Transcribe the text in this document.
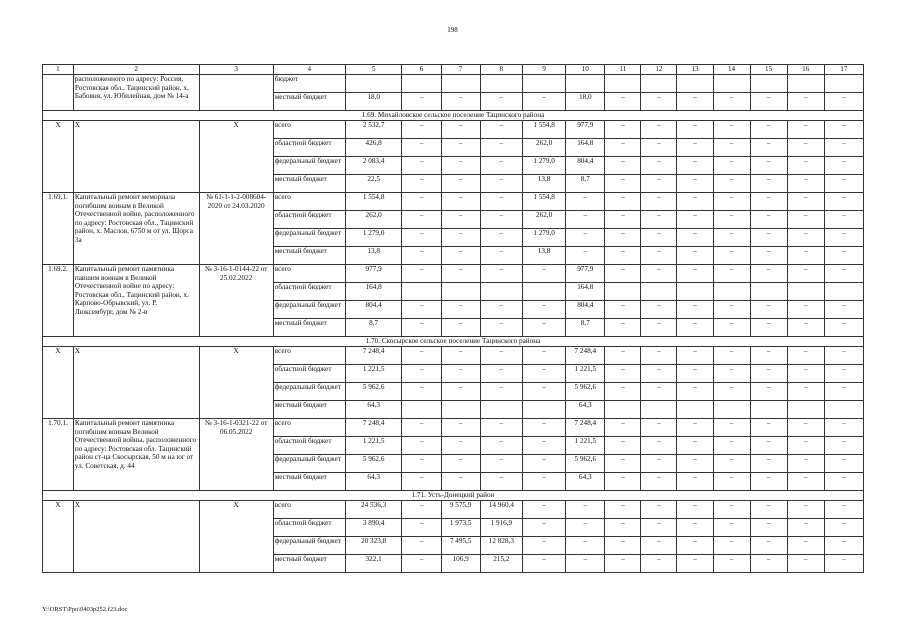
198
1	2	3	4	5	6	7	8	9	10	11	12	13	14	15	16	17
	расположенного по адресу: Россия, Ростовская обл., Тацинский район, х. Бабовня, ул. Юбилейная, дом № 14-а		бюджет													

			местный бюджет	18,0	–	–	–	–	18,0	–	–	–	–	–	–	–
1.69. Михайловское сельское поселение Тацинского района																
Х	Х	Х	всего	2 532,7	–	–	–	1 554,8	977,9	–	–	–	–	–	–	–

			областной бюджет	426,8	–	–	–	262,0	164,8	–	–	–	–	–	–	–

			федеральный бюджет	2 083,4	–	–	–	1 279,0	804,4	–	–	–	–	–	–	–

			местный бюджет	22,5	–	–	–	13,8	8,7	–	–	–	–	–	–	–
1.69.1.	Капитальный ремонт мемориала погибшим воинам в Великой Отечественной войне, расположенного по адресу: Ростовская обл., Тацинский район, х. Маслов, 6750 м от ул. Щорса 3а	№ 61-1-1-2-008604-2020 от 24.03.2020	всего	1 554,8	–	–	–	1 554,8	–	–	–	–	–	–	–	–

			областной бюджет	262,0	–	–	–	262,0	–	–	–	–	–	–	–	–

			федеральный бюджет	1 279,0	–	–	–	1 279,0	–	–	–	–	–	–	–	–

			местный бюджет	13,8	–	–	–	13,8	–	–	–	–	–	–	–	–
1.69.2.	Капитальный ремонт памятника павшим воинам в Великой Отечественной войне по адресу: Ростовская обл., Тацинский район, х. Карпово-Обрывский, ул. Р. Люксембург, дом № 2-в	№ 3-16-1-0144-22 от 25.02.2022	всего	977,9	–	–	–	–	977,9	–	–	–	–	–	–	–

			областной бюджет	164,8					164,8							

			федеральный бюджет	804,4	–	–	–	–	804,4	–	–	–	–	–	–	–

			местный бюджет	8,7	–	–	–	–	8,7	–	–	–	–	–	–	–
1.70. Скосырское сельское поселение Тацинского района																
Х	Х	Х	всего	7 248,4	–	–	–	–	7 248,4	–	–	–	–	–	–	–

			областной бюджет	1 221,5	–	–	–	–	1 221,5	–	–	–	–	–	–	–

			федеральный бюджет	5 962,6	–	–	–	–	5 962,6	–	–	–	–	–	–	–

			местный бюджет	64,3					64,3							
1.70.1.	Капитальный ремонт памятника погибшим воинам Великой Отечественной войны, расположенного по адресу: Ростовская обл. Тацинский район ст-ца Скосырская, 50 м на юг от ул. Советская, д. 44	№ 3-16-1-0321-22 от 06.05.2022	всего	7 248,4	–	–	–	–	7 248,4	–	–	–	–	–	–	–

			областной бюджет	1 221,5	–	–	–	–	1 221,5	–	–	–	–	–	–	–

			федеральный бюджет	5 962,6	–	–	–	–	5 962,6	–	–	–	–	–	–	–

			местный бюджет	64,3	–	–	–	–	64,3	–	–	–	–	–	–	–
1.71. Усть-Донецкий район																
Х	Х	Х	всего	24 536,3	–	9 575,9	14 960,4	–	–	–	–	–	–	–	–	–

			областной бюджет	3 890,4	–	1 973,5	1 916,9	–	–	–	–	–	–	–	–	–

			федеральный бюджет	20 323,8	–	7 495,5	12 828,3	–	–	–	–	–	–	–	–	–

			местный бюджет	322,1	–	106,9	215,2	–	–	–	–	–	–	–	–	–
Y:\ORST\Ppo\0403p252.f23.doc
